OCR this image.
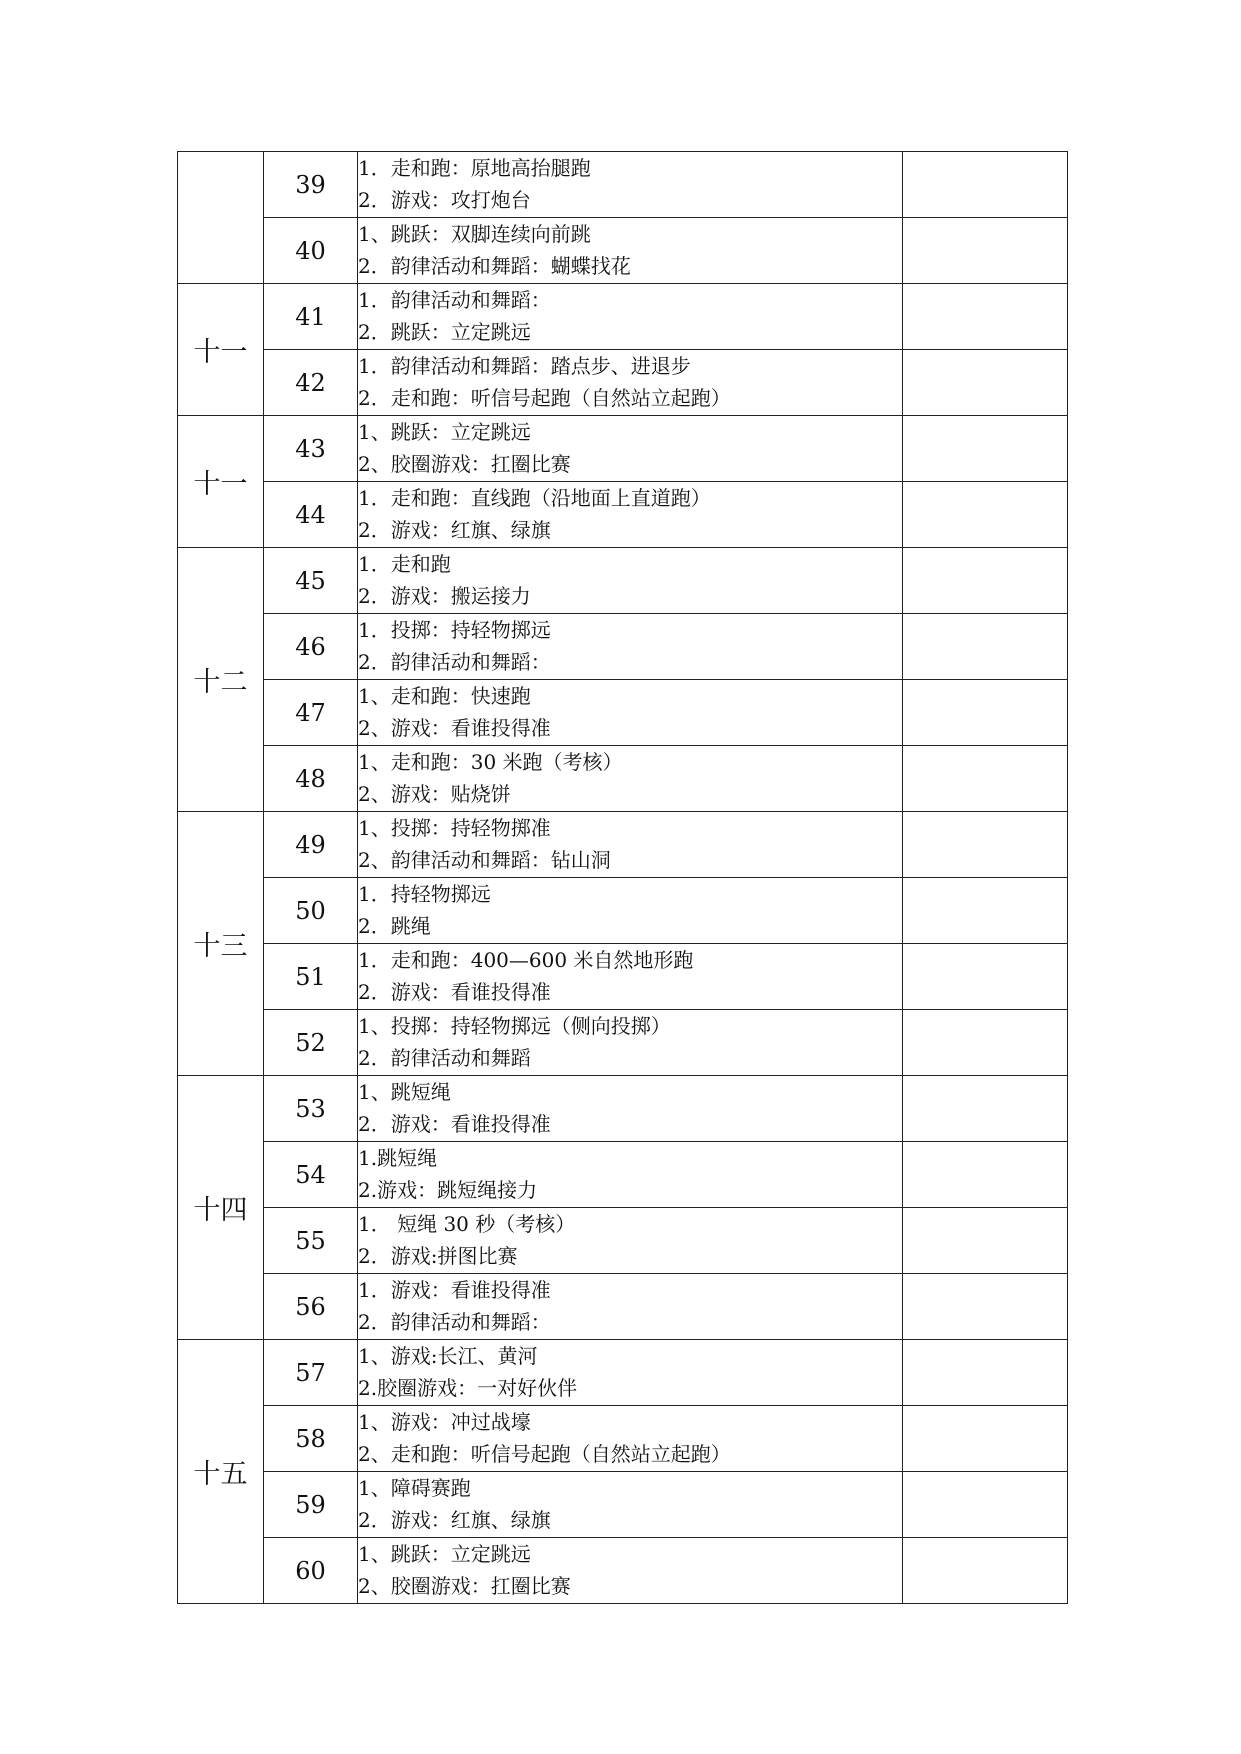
	39	1．走和跑：原地高抬腿跑
2．游戏：攻打炮台	

	40	1、跳跃：双脚连续向前跳
2．韵律活动和舞蹈：蝴蝶找花	

十一	41	1．韵律活动和舞蹈：
2．跳跃：立定跳远	

	42	1．韵律活动和舞蹈：踏点步、进退步
2．走和跑：听信号起跑（自然站立起跑）	

十一	43	1、跳跃：立定跳远
2、胶圈游戏：扛圈比赛	

	44	1．走和跑：直线跑（沿地面上直道跑）
2．游戏：红旗、绿旗	

十二	45	1．走和跑
2．游戏：搬运接力	

	46	1．投掷：持轻物掷远
2．韵律活动和舞蹈：	

	47	1、走和跑：快速跑
2、游戏：看谁投得准	

	48	1、走和跑：30 米跑（考核）
2、游戏：贴烧饼	

十三	49	1、投掷：持轻物掷准
2、韵律活动和舞蹈：钻山洞	

	50	1．持轻物掷远
2．跳绳	

	51	1．走和跑：400—600 米自然地形跑
2．游戏：看谁投得准	

	52	1、投掷：持轻物掷远（侧向投掷）
2．韵律活动和舞蹈	

十四	53	1、跳短绳
2．游戏：看谁投得准	

	54	1.跳短绳
2.游戏：跳短绳接力	

	55	1． 短绳 30 秒（考核）
2．游戏:拼图比赛	

	56	1．游戏：看谁投得准
2．韵律活动和舞蹈：	

十五	57	1、游戏:长江、黄河
2.胶圈游戏：一对好伙伴	

	58	1、游戏：冲过战壕
2、走和跑：听信号起跑（自然站立起跑）	

	59	1、障碍赛跑
2．游戏：红旗、绿旗	

	60	1、跳跃：立定跳远
2、胶圈游戏：扛圈比赛	
